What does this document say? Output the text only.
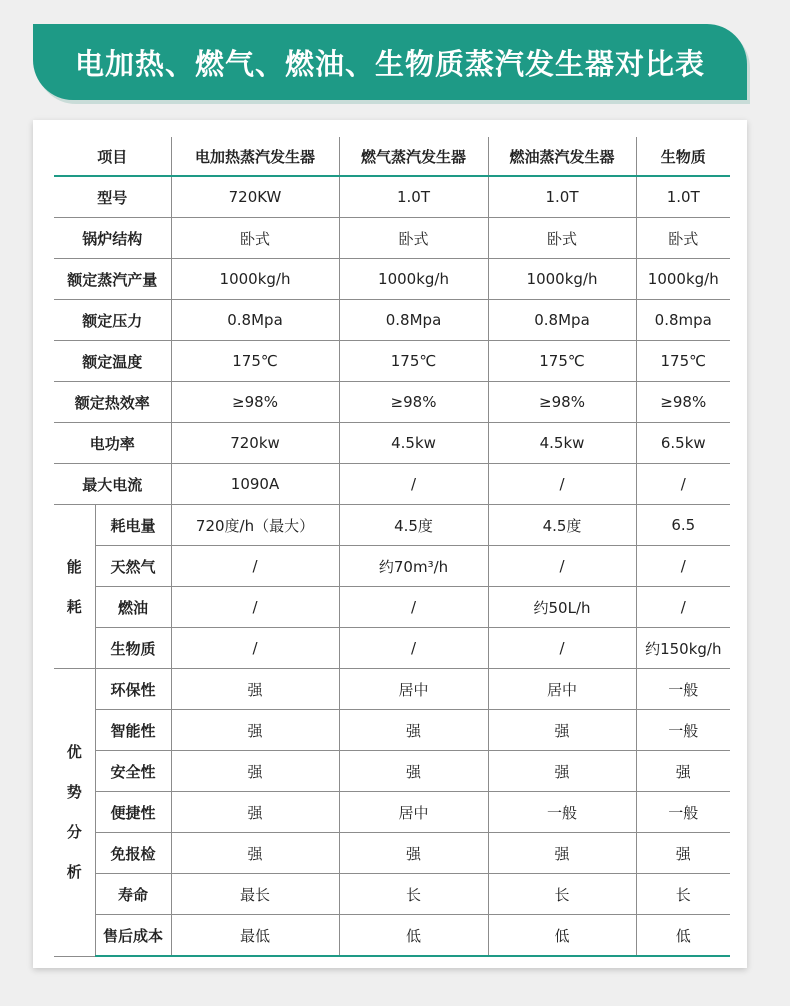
电加热、燃气、燃油、生物质蒸汽发生器对比表
项目		电加热蒸汽发生器	燃气蒸汽发生器	燃油蒸汽发生器	生物质
型号		720KW	1.0T	1.0T	1.0T
锅炉结构		卧式	卧式	卧式	卧式
额定蒸汽产量		1000kg/h	1000kg/h	1000kg/h	1000kg/h
额定压力		0.8Mpa	0.8Mpa	0.8Mpa	0.8mpa
额定温度		175℃	175℃	175℃	175℃
额定热效率		≥98%	≥98%	≥98%	≥98%
电功率		720kw	4.5kw	4.5kw	6.5kw
最大电流		1090A	/	/	/

能
耗	耗电量	720度/h（最大）	4.5度	4.5度	6.5
	天然气	/	约70m³/h	/	/
	燃油	/	/	约50L/h	/
	生物质	/	/	/	约150kg/h

优
势
分
析	环保性	强	居中	居中	一般
	智能性	强	强	强	一般
	安全性	强	强	强	强
	便捷性	强	居中	一般	一般
	免报检	强	强	强	强
	寿命	最长	长	长	长
	售后成本	最低	低	低	低
